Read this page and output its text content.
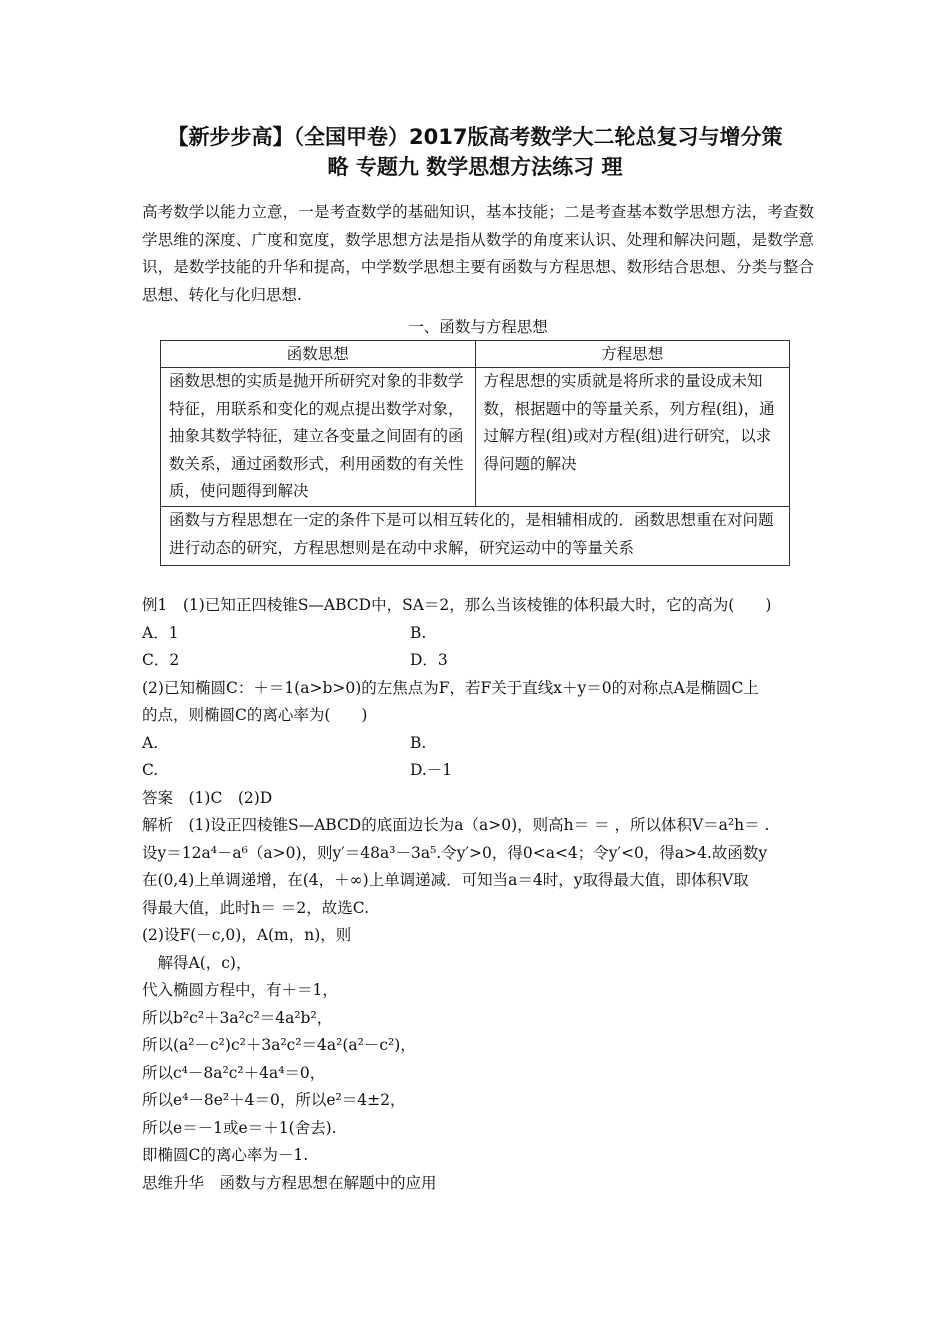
【新步步高】（全国甲卷）2017版高考数学大二轮总复习与增分策
略 专题九 数学思想方法练习 理
高考数学以能力立意，一是考查数学的基础知识，基本技能；二是考查基本数学思想方法，考查数学思维的深度、广度和宽度，数学思想方法是指从数学的角度来认识、处理和解决问题，是数学意识，是数学技能的升华和提高，中学数学思想主要有函数与方程思想、数形结合思想、分类与整合思想、转化与化归思想.
一、函数与方程思想
函数思想	方程思想
函数思想的实质是抛开所研究对象的非数学特征，用联系和变化的观点提出数学对象，抽象其数学特征，建立各变量之间固有的函数关系，通过函数形式，利用函数的有关性质，使问题得到解决	方程思想的实质就是将所求的量设成未知数，根据题中的等量关系，列方程(组)，通过解方程(组)或对方程(组)进行研究，以求得问题的解决
函数与方程思想在一定的条件下是可以相互转化的，是相辅相成的．函数思想重在对问题进行动态的研究，方程思想则是在动中求解，研究运动中的等量关系	
例1　(1)已知正四棱锥S—ABCD中，SA＝2，那么当该棱锥的体积最大时，它的高为(　　)
A．1	B.
C．2	D．3
(2)已知椭圆C：＋＝1(a>b>0)的左焦点为F，若F关于直线x＋y＝0的对称点A是椭圆C上
的点，则椭圆C的离心率为(　　)
A.	B.
C.	D.－1
答案　(1)C　(2)D
解析　(1)设正四棱锥S—ABCD的底面边长为a（a>0)，则高h＝ ＝ ，所以体积V＝a²h＝ .
设y＝12a⁴－a⁶（a>0)，则y′＝48a³－3a⁵.令y′>0，得0<a<4；令y′<0，得a>4.故函数y
在(0,4)上单调递增，在(4，＋∞)上单调递减．可知当a＝4时，y取得最大值，即体积V取
得最大值，此时h＝ ＝2，故选C.
(2)设F(－c,0)，A(m，n)，则
　解得A(，c)，
代入椭圆方程中，有＋＝1，
所以b²c²＋3a²c²＝4a²b²，
所以(a²－c²)c²＋3a²c²＝4a²(a²－c²)，
所以c⁴－8a²c²＋4a⁴＝0，
所以e⁴－8e²＋4＝0，所以e²＝4±2，
所以e＝－1或e＝＋1(舍去).
即椭圆C的离心率为－1.
思维升华　函数与方程思想在解题中的应用
